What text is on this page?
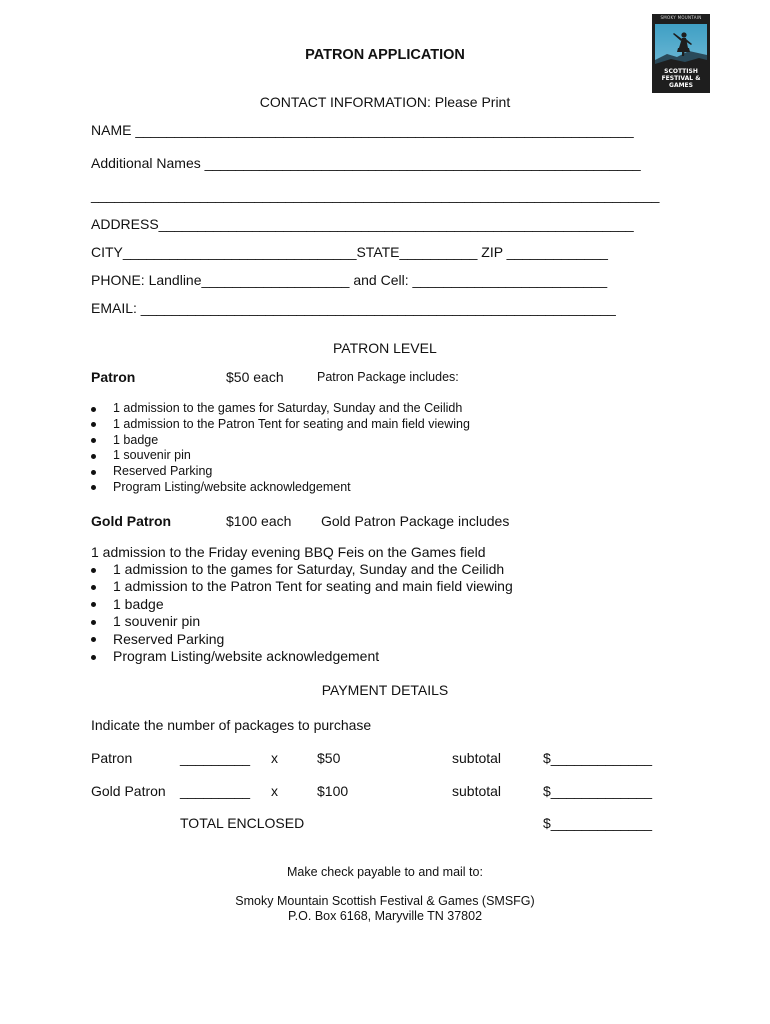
SMOKY MOUNTAIN
SCOTTISH
FESTIVAL &
GAMES
PATRON APPLICATION
CONTACT INFORMATION: Please Print
NAME ________________________________________________________________
Additional Names ________________________________________________________
_________________________________________________________________________
ADDRESS_____________________________________________________________
CITY______________________________STATE__________ ZIP _____________
PHONE: Landline___________________ and Cell: _________________________
EMAIL: _____________________________________________________________
PATRON LEVEL
Patron	$50 each	Patron Package includes:
1 admission to the games for Saturday, Sunday and the Ceilidh
1 admission to the Patron Tent for seating and main field viewing
1 badge
1 souvenir pin
Reserved Parking
Program Listing/website acknowledgement
Gold Patron	$100 each Gold Patron Package includes
1 admission to the Friday evening BBQ Feis on the Games field
1 admission to the games for Saturday, Sunday and the Ceilidh
1 admission to the Patron Tent for seating and main field viewing
1 badge
1 souvenir pin
Reserved Parking
Program Listing/website acknowledgement
PAYMENT DETAILS
Indicate the number of packages to purchase
Patron	_________ x	$50	subtotal	$_____________
Gold Patron _________ x	$100	subtotal	$_____________
TOTAL ENCLOSED	$_____________
Make check payable to and mail to:
Smoky Mountain Scottish Festival & Games (SMSFG)
P.O. Box 6168, Maryville TN 37802
